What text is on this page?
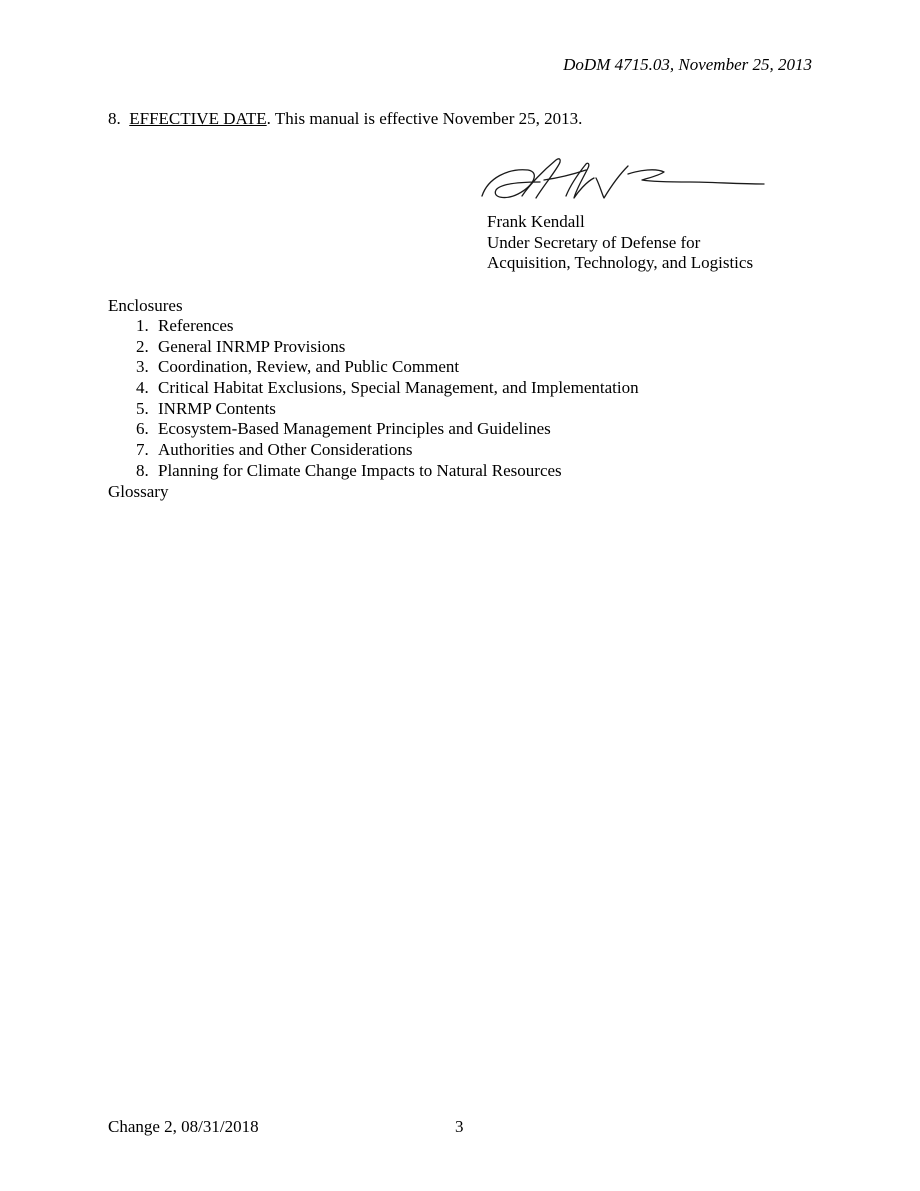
DoDM 4715.03, November 25, 2013
8. EFFECTIVE DATE. This manual is effective November 25, 2013.
Frank Kendall
Under Secretary of Defense for
Acquisition, Technology, and Logistics
Enclosures
1. References
2. General INRMP Provisions
3. Coordination, Review, and Public Comment
4. Critical Habitat Exclusions, Special Management, and Implementation
5. INRMP Contents
6. Ecosystem-Based Management Principles and Guidelines
7. Authorities and Other Considerations
8. Planning for Climate Change Impacts to Natural Resources
Glossary
Change 2, 08/31/2018	3
